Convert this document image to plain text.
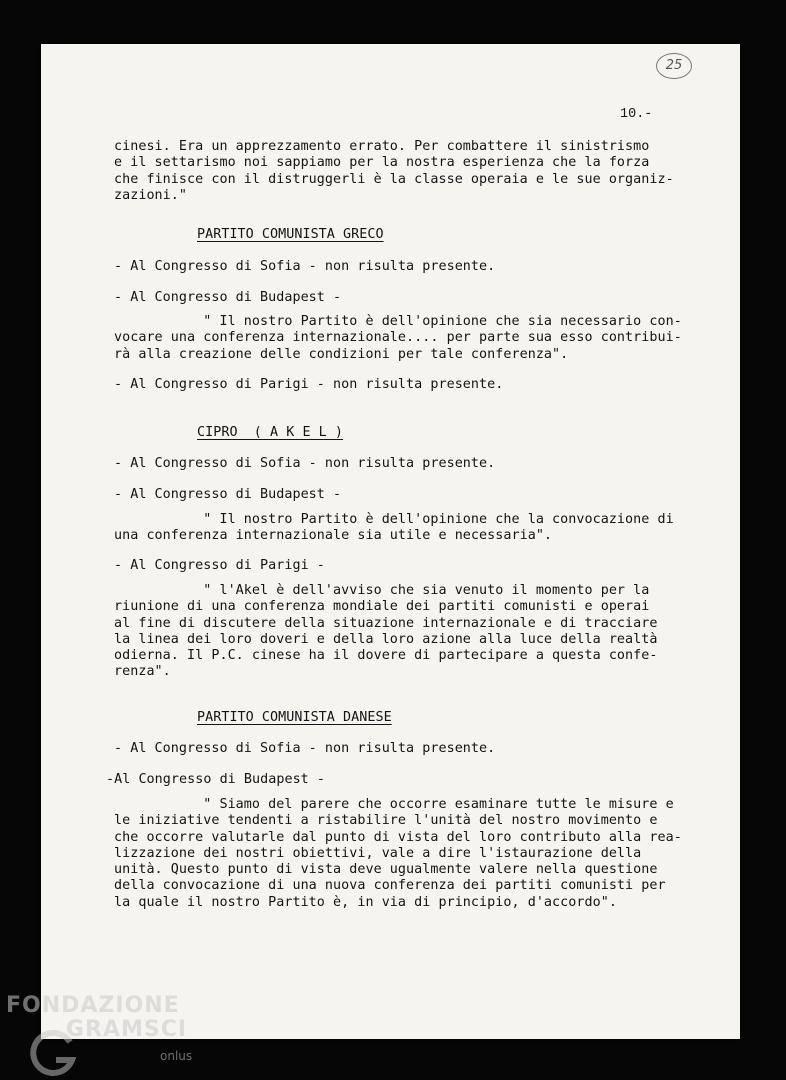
25
10.-
cinesi. Era un apprezzamento errato. Per combattere il sinistrismo
e il settarismo noi sappiamo per la nostra esperienza che la forza
che finisce con il distruggerli è la classe operaia e le sue organiz-
zazioni."
PARTITO COMUNISTA GRECO
- Al Congresso di Sofia - non risulta presente.
- Al Congresso di Budapest -
" Il nostro Partito è dell'opinione che sia necessario con-
vocare una conferenza internazionale.... per parte sua esso contribui-
rà alla creazione delle condizioni per tale conferenza".
- Al Congresso di Parigi - non risulta presente.
CIPRO  ( A K E L )
- Al Congresso di Sofia - non risulta presente.
- Al Congresso di Budapest -
" Il nostro Partito è dell'opinione che la convocazione di
una conferenza internazionale sia utile e necessaria".
- Al Congresso di Parigi -
" l'Akel è dell'avviso che sia venuto il momento per la
riunione di una conferenza mondiale dei partiti comunisti e operai
al fine di discutere della situazione internazionale e di tracciare
la linea dei loro doveri e della loro azione alla luce della realtà
odierna. Il P.C. cinese ha il dovere di partecipare a questa confe-
renza".
PARTITO COMUNISTA DANESE
- Al Congresso di Sofia - non risulta presente.
-Al Congresso di Budapest -
" Siamo del parere che occorre esaminare tutte le misure e
le iniziative tendenti a ristabilire l'unità del nostro movimento e
che occorre valutarle dal punto di vista del loro contributo alla rea-
lizzazione dei nostri obiettivi, vale a dire l'istaurazione della
unità. Questo punto di vista deve ugualmente valere nella questione
della convocazione di una nuova conferenza dei partiti comunisti per
la quale il nostro Partito è, in via di principio, d'accordo".
FONDAZIONE
GRAMSCI
onlus
